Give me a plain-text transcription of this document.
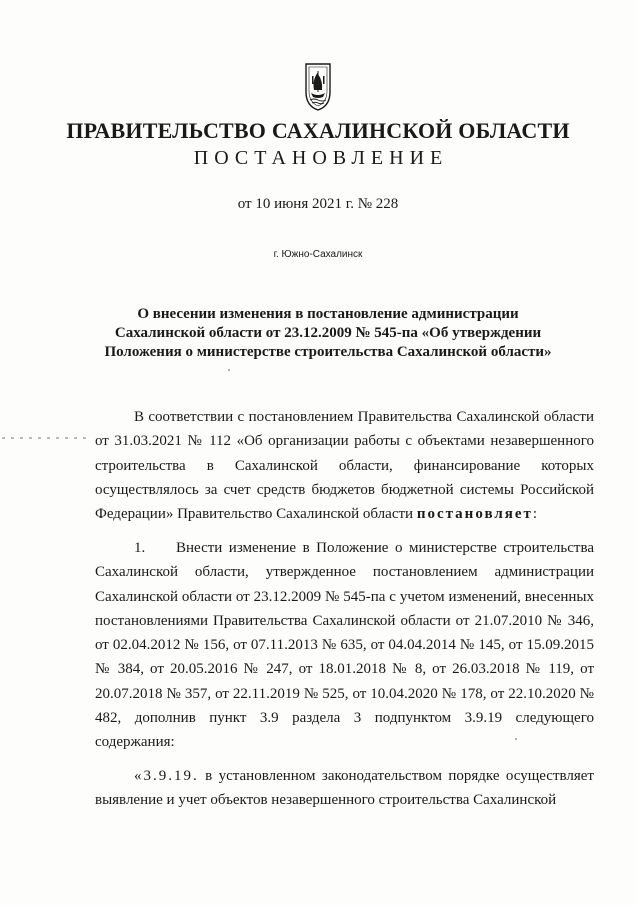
ПРАВИТЕЛЬСТВО САХАЛИНСКОЙ ОБЛАСТИ
ПОСТАНОВЛЕНИЕ
от 10 июня 2021 г. № 228
г. Южно-Сахалинск
О внесении изменения в постановление администрации Сахалинской области от 23.12.2009 № 545-па «Об утверждении Положения о министерстве строительства Сахалинской области»
В соответствии с постановлением Правительства Сахалинской области от 31.03.2021 № 112 «Об организации работы с объектами незавершенного строительства в Сахалинской области, финансирование которых осуществлялось за счет средств бюджетов бюджетной системы Российской Федерации» Правительство Сахалинской области постановляет:
1. Внести изменение в Положение о министерстве строительства Сахалинской области, утвержденное постановлением администрации Сахалинской области от 23.12.2009 № 545-па с учетом изменений, внесенных постановлениями Правительства Сахалинской области от 21.07.2010 № 346, от 02.04.2012 № 156, от 07.11.2013 № 635, от 04.04.2014 № 145, от 15.09.2015 № 384, от 20.05.2016 № 247, от 18.01.2018 № 8, от 26.03.2018 № 119, от 20.07.2018 № 357, от 22.11.2019 № 525, от 10.04.2020 № 178, от 22.10.2020 № 482, дополнив пункт 3.9 раздела 3 подпунктом 3.9.19 следующего содержания:
«3.9.19. в установленном законодательством порядке осуществляет выявление и учет объектов незавершенного строительства Сахалинской
